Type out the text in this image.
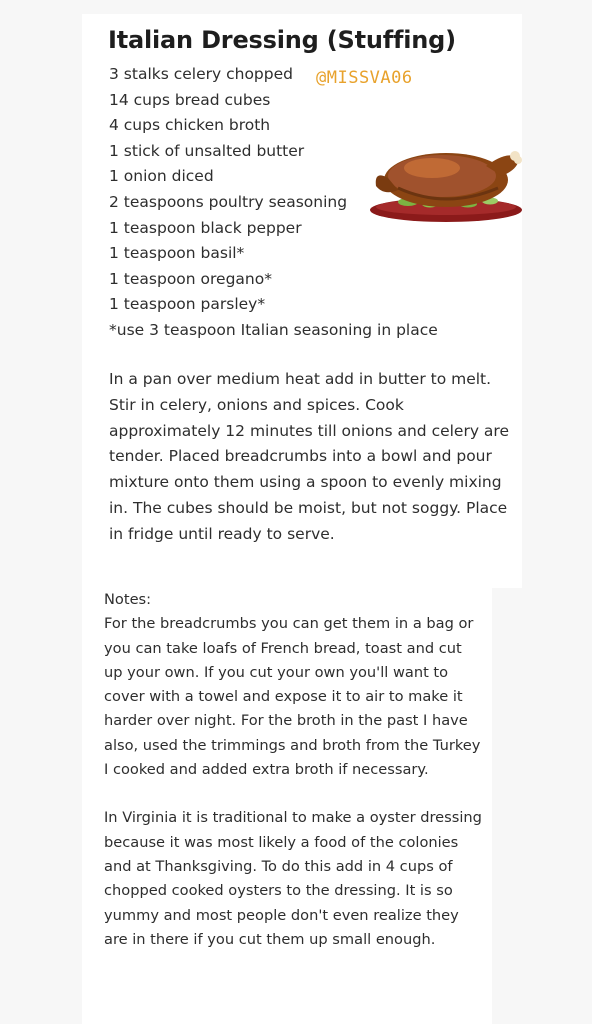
Italian Dressing (Stuffing)
@MISSVA06
3 stalks celery chopped
14 cups bread cubes
4 cups chicken broth
1 stick of unsalted butter
1 onion diced
2 teaspoons poultry seasoning
1 teaspoon black pepper
1 teaspoon basil*
1 teaspoon oregano*
1 teaspoon parsley*
*use 3 teaspoon Italian seasoning in place

In a pan over medium heat add in butter to melt. Stir in celery, onions and spices. Cook approximately 12 minutes till onions and celery are tender. Placed breadcrumbs into a bowl and pour mixture onto them using a spoon to evenly mixing in. The cubes should be moist, but not soggy. Place in fridge until ready to serve.

Notes:

For the breadcrumbs you can get them in a bag or you can take loafs of French bread, toast and cut up your own. If you cut your own you'll want to cover with a towel and expose it to air to make it harder over night. For the broth in the past I have also, used the trimmings and broth from the Turkey I cooked and added extra broth if necessary.

In Virginia it is traditional to make a oyster dressing because it was most likely a food of the colonies and at Thanksgiving. To do this add in 4 cups of chopped cooked oysters to the dressing. It is so yummy and most people don't even realize they are in there if you cut them up small enough.
